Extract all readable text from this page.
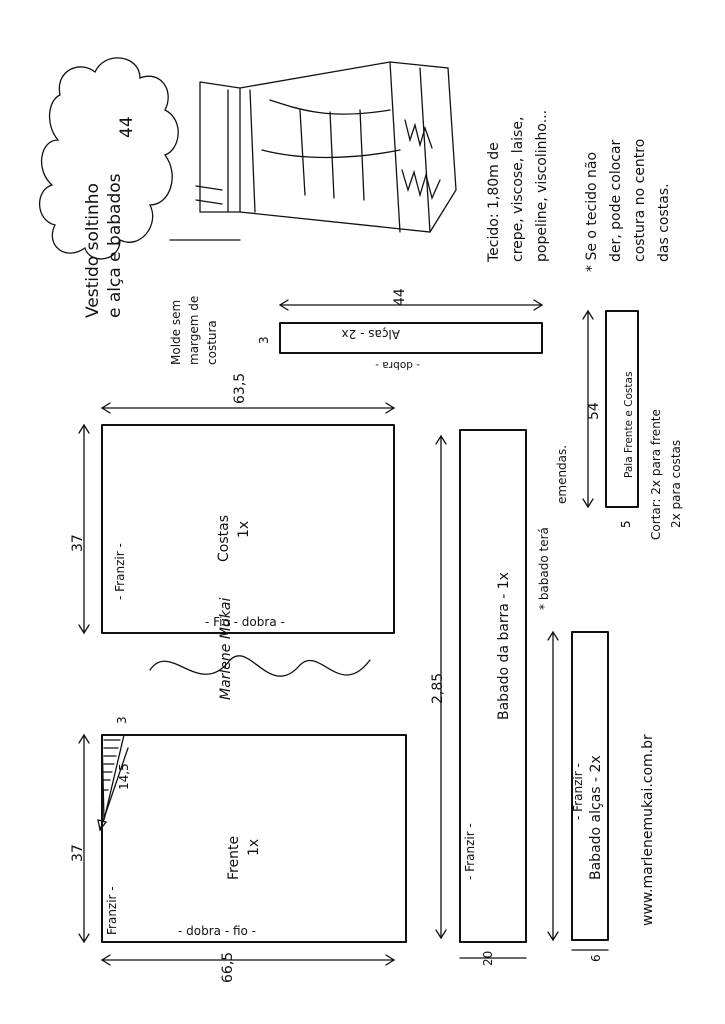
Vestido soltinho e alça e babados
44
Molde sem margem de costura
Tecido: 1,80m de crepe, viscose, laise, popeline, viscolinho... * Se o tecido não der, pode colocar costura no centro das costas.
44
3	Alças - 2x
- dobra -
54 Pala Frente e Costas
5 Cortar: 2x para frente 2x para costas
63,5
37
- Franzir -
Costas 1x
- Fio - dobra -
Marlene Mukai
3
14,5
37
Franzir -
Frente 1x
- dobra - fio -
66,5
2,85	Babado da barra - 1x
- Franzir -
20
* babado terá
emendas.
Babado alças - 2x
- Franzir -
6
www.marlenemukai.com.br
